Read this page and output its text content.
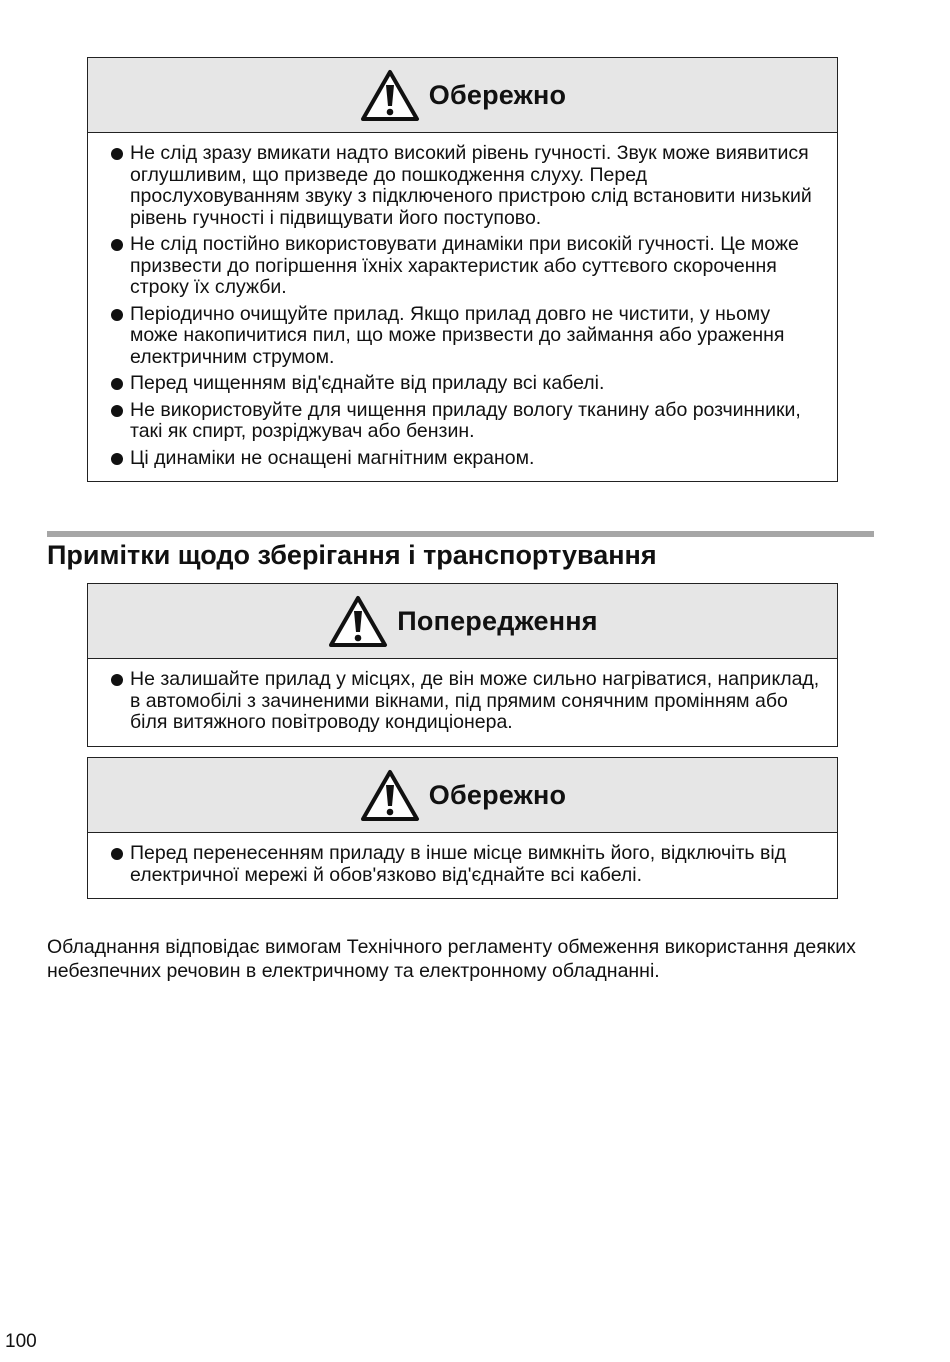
Обережно
Не слід зразу вмикати надто високий рівень гучності. Звук може виявитися оглушливим, що призведе до пошкодження слуху. Перед прослуховуванням звуку з підключеного пристрою слід встановити низький рівень гучності і підвищувати його поступово.
Не слід постійно використовувати динаміки при високій гучності. Це може призвести до погіршення їхніх характеристик або суттєвого скорочення строку їх служби.
Періодично очищуйте прилад. Якщо прилад довго не чистити, у ньому може накопичитися пил, що може призвести до займання або ураження електричним струмом.
Перед чищенням від'єднайте від приладу всі кабелі.
Не використовуйте для чищення приладу вологу тканину або розчинники, такі як спирт, розріджувач або бензин.
Ці динаміки не оснащені магнітним екраном.
Примітки щодо зберігання і транспортування
Попередження
Не залишайте прилад у місцях, де він може сильно нагріватися, наприклад, в автомобілі з зачиненими вікнами, під прямим сонячним промінням або біля витяжного повітроводу кондиціонера.
Обережно
Перед перенесенням приладу в інше місце вимкніть його, відключіть від електричної мережі й обов'язково від'єднайте всі кабелі.

Обладнання відповідає вимогам Технічного регламенту обмеження використання деяких небезпечних речовин в електричному та електронному обладнанні.

100
